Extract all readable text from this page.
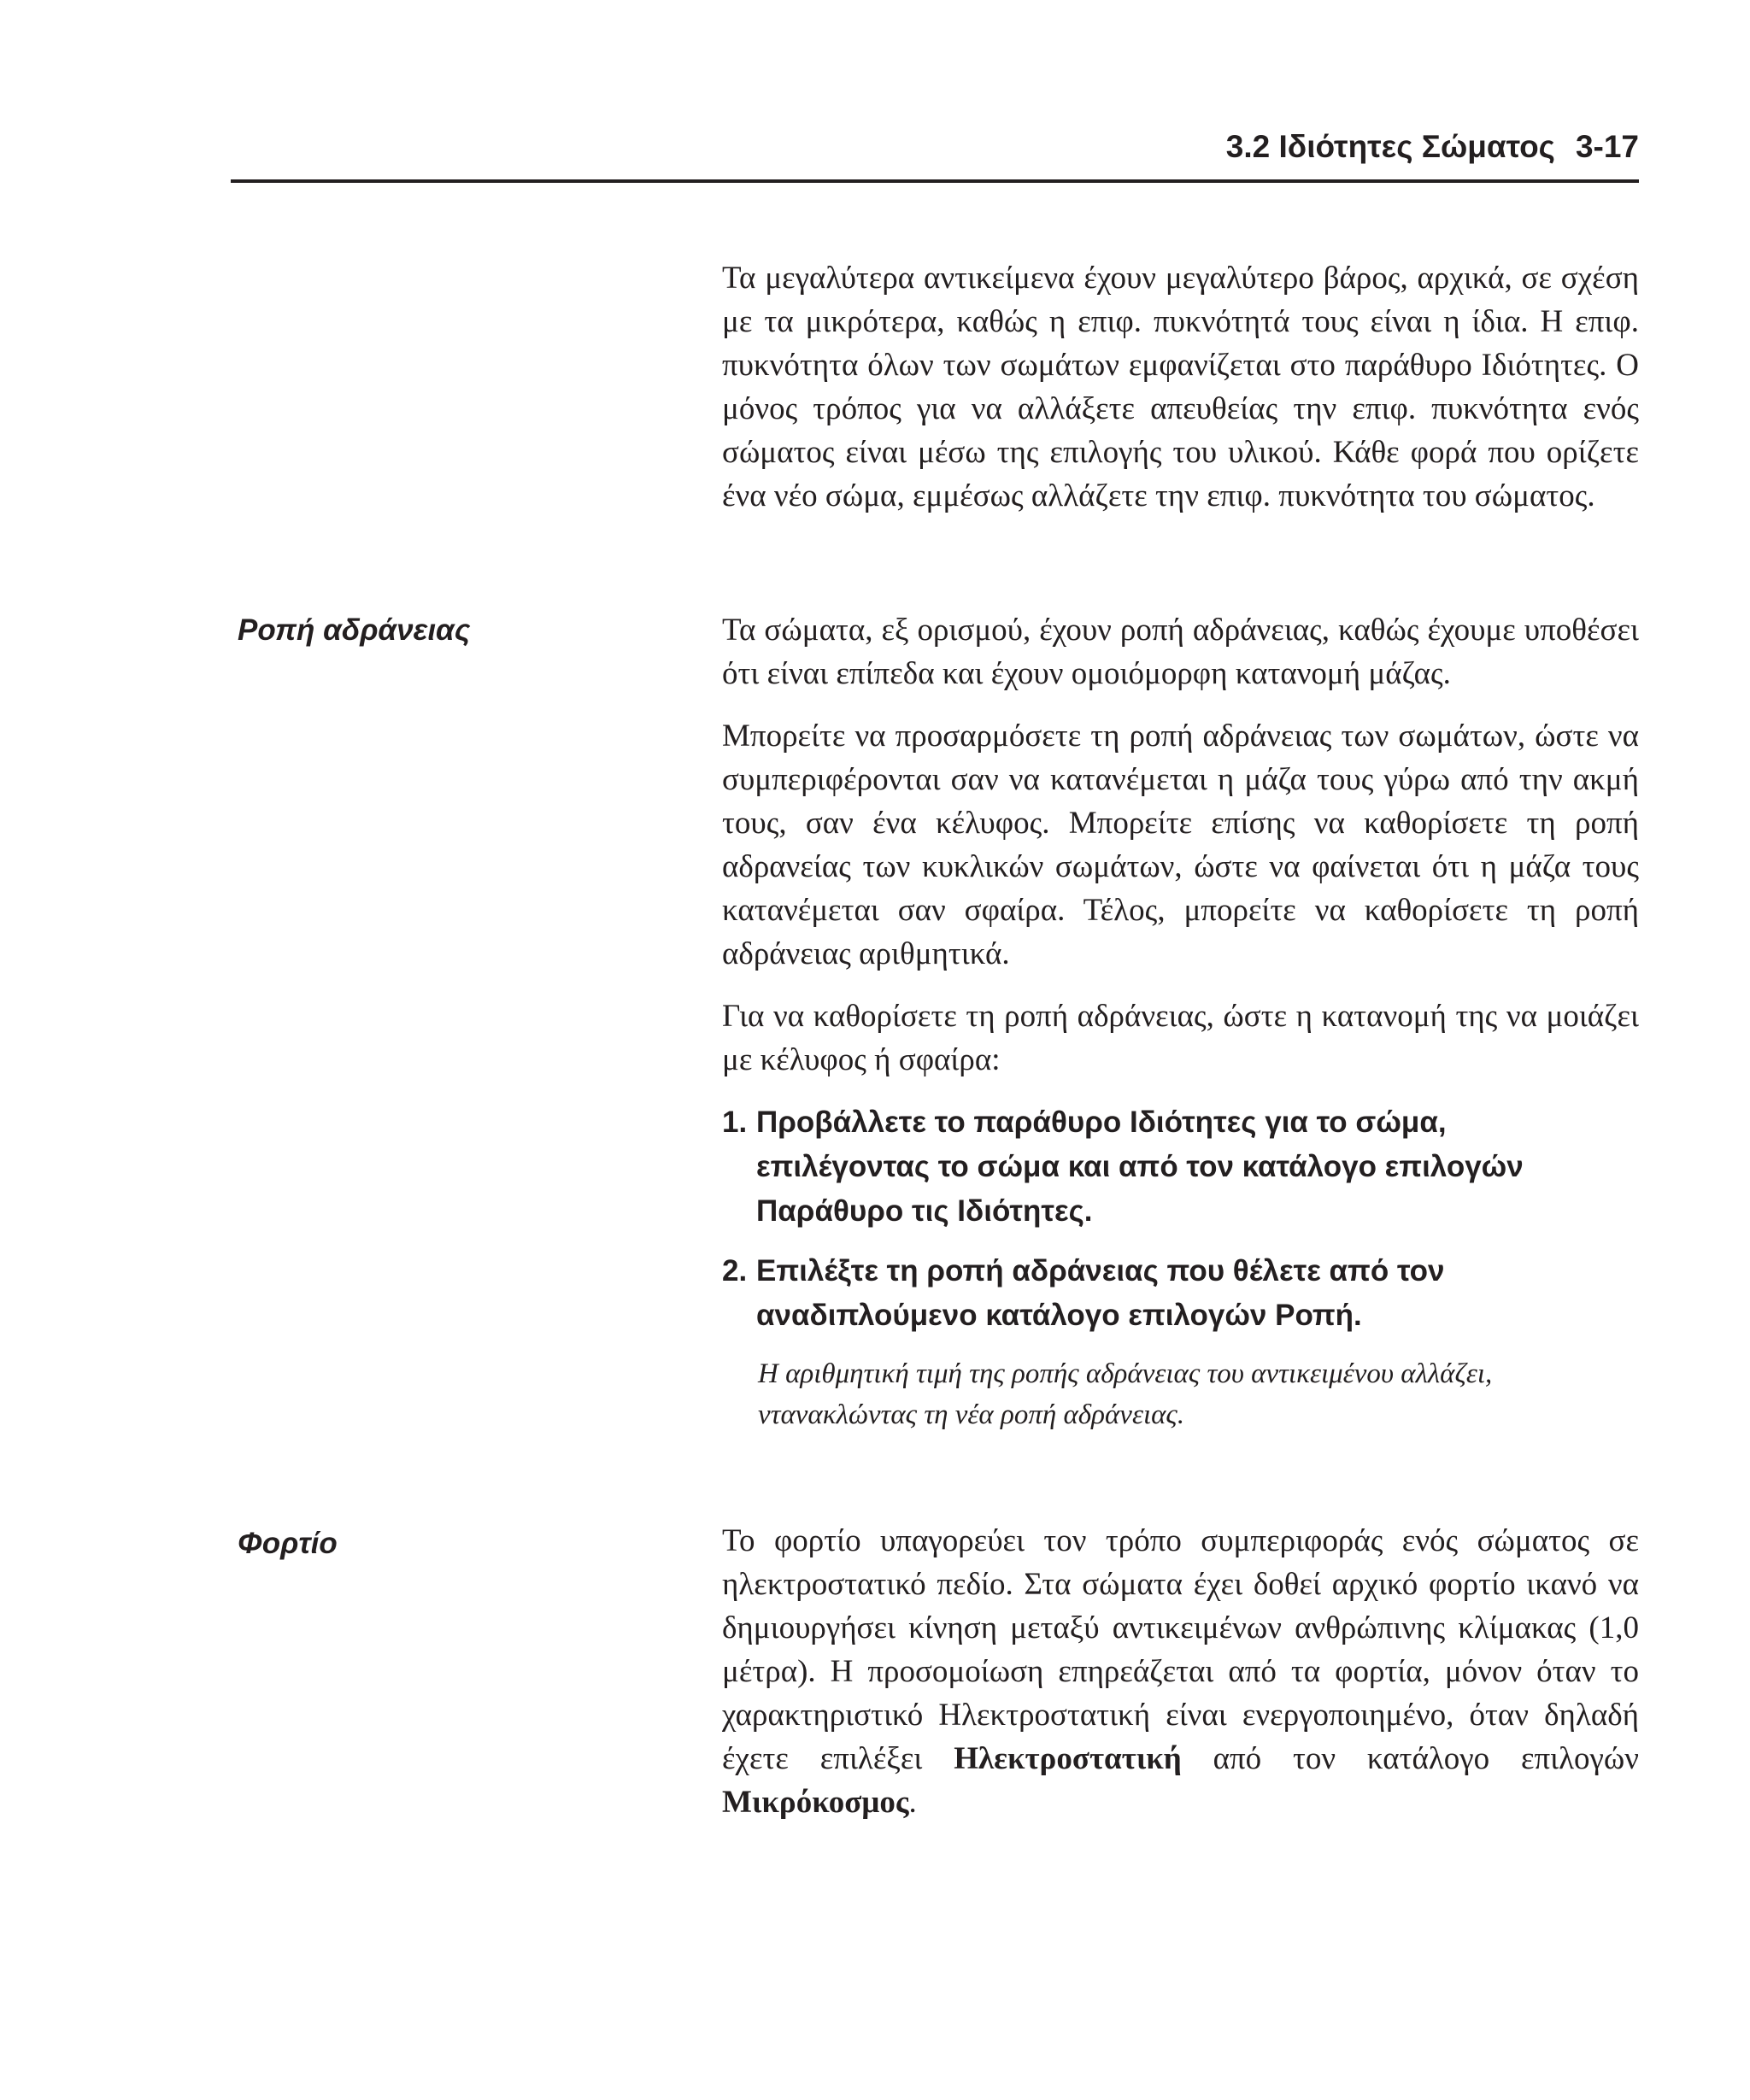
3.2 Ιδιότητες Σώματος 3-17

Τα μεγαλύτερα αντικείμενα έχουν μεγαλύτερο βάρος, αρχικά, σε σχέση με τα μικρότερα, καθώς η επιφ. πυκνότητά τους είναι η ίδια. Η επιφ. πυκνότητα όλων των σωμάτων εμφανίζεται στο παράθυρο Ιδιότητες. Ο μόνος τρόπος για να αλλάξετε απευθείας την επιφ. πυκνότητα ενός σώματος είναι μέσω της επιλογής του υλικού. Κάθε φορά που ορίζετε ένα νέο σώμα, εμμέσως αλλάζετε την επιφ. πυκνότητα του σώματος.

Ροπή αδράνειας	Τα σώματα, εξ ορισμού, έχουν ροπή αδράνειας, καθώς έχουμε υποθέσει ότι είναι επίπεδα και έχουν ομοιόμορφη κατανομή μάζας.

Μπορείτε να προσαρμόσετε τη ροπή αδράνειας των σωμάτων, ώστε να συμπεριφέρονται σαν να κατανέμεται η μάζα τους γύρω από την ακμή τους, σαν ένα κέλυφος. Μπορείτε επίσης να καθορίσετε τη ροπή αδρανείας των κυκλικών σωμάτων, ώστε να φαίνεται ότι η μάζα τους κατανέμεται σαν σφαίρα. Τέλος, μπορείτε να καθορίσετε τη ροπή αδράνειας αριθμητικά.

Για να καθορίσετε τη ροπή αδράνειας, ώστε η κατανομή της να μοιάζει με κέλυφος ή σφαίρα:

1. Προβάλλετε το παράθυρο Ιδιότητες για το σώμα, επιλέγοντας το σώμα και από τον κατάλογο επιλογών Παράθυρο τις Ιδιότητες.
2. Επιλέξτε τη ροπή αδράνειας που θέλετε από τον αναδιπλούμενο κατάλογο επιλογών Ροπή.

Η αριθμητική τιμή της ροπής αδράνειας του αντικειμένου αλλάζει, ντανακλώντας τη νέα ροπή αδράνειας.

Φορτίο	Το φορτίο υπαγορεύει τον τρόπο συμπεριφοράς ενός σώματος σε ηλεκτροστατικό πεδίο. Στα σώματα έχει δοθεί αρχικό φορτίο ικανό να δημιουργήσει κίνηση μεταξύ αντικειμένων ανθρώπινης κλίμακας (1,0 μέτρα). Η προσομοίωση επηρεάζεται από τα φορτία, μόνον όταν το χαρακτηριστικό Ηλεκτροστατική είναι ενεργοποιημένο, όταν δηλαδή έχετε επιλέξει Ηλεκτροστατική από τον κατάλογο επιλογών Μικρόκοσμος.
